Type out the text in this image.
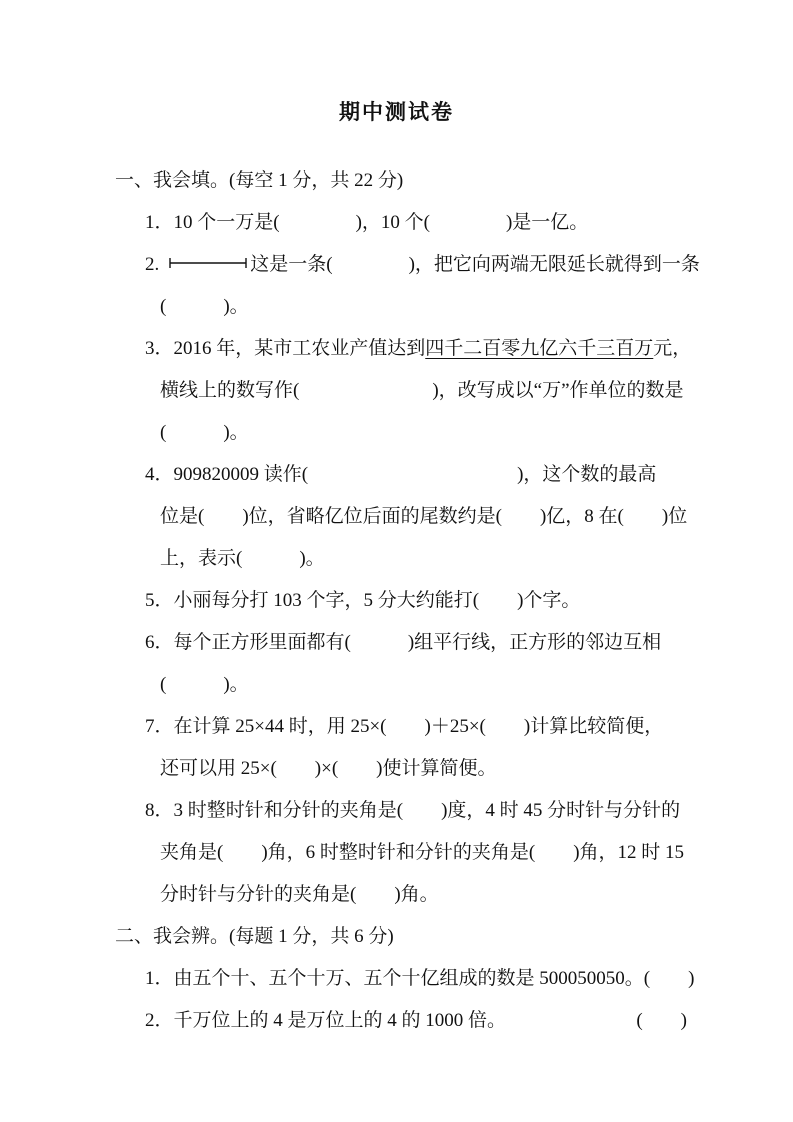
期中测试卷
一、我会填。(每空 1 分，共 22 分)
1．10 个一万是(　　　　)，10 个(　　　　)是一亿。
2.	这是一条(　　　　)，把它向两端无限延长就得到一条
(　　　)。
3．2016 年，某市工农业产值达到四千二百零九亿六千三百万元，
横线上的数写作(　　　　　　　)，改写成以“万”作单位的数是
(　　　)。
4．909820009 读作(　　　　　　　　　　　)，这个数的最高
位是(　　)位，省略亿位后面的尾数约是(　　)亿，8 在(　　)位
上，表示(　　　)。
5．小丽每分打 103 个字，5 分大约能打(　　)个字。
6．每个正方形里面都有(　　　)组平行线，正方形的邻边互相
(　　　)。
7．在计算 25×44 时，用 25×(　　)＋25×(　　)计算比较简便，
还可以用 25×(　　)×(　　)使计算简便。
8．3 时整时针和分针的夹角是(　　)度，4 时 45 分时针与分针的
夹角是(　　)角，6 时整时针和分针的夹角是(　　)角，12 时 15
分时针与分针的夹角是(　　)角。
二、我会辨。(每题 1 分，共 6 分)
1．由五个十、五个十万、五个十亿组成的数是 500050050。(　　)
2．千万位上的 4 是万位上的 4 的 1000 倍。	(　　)
